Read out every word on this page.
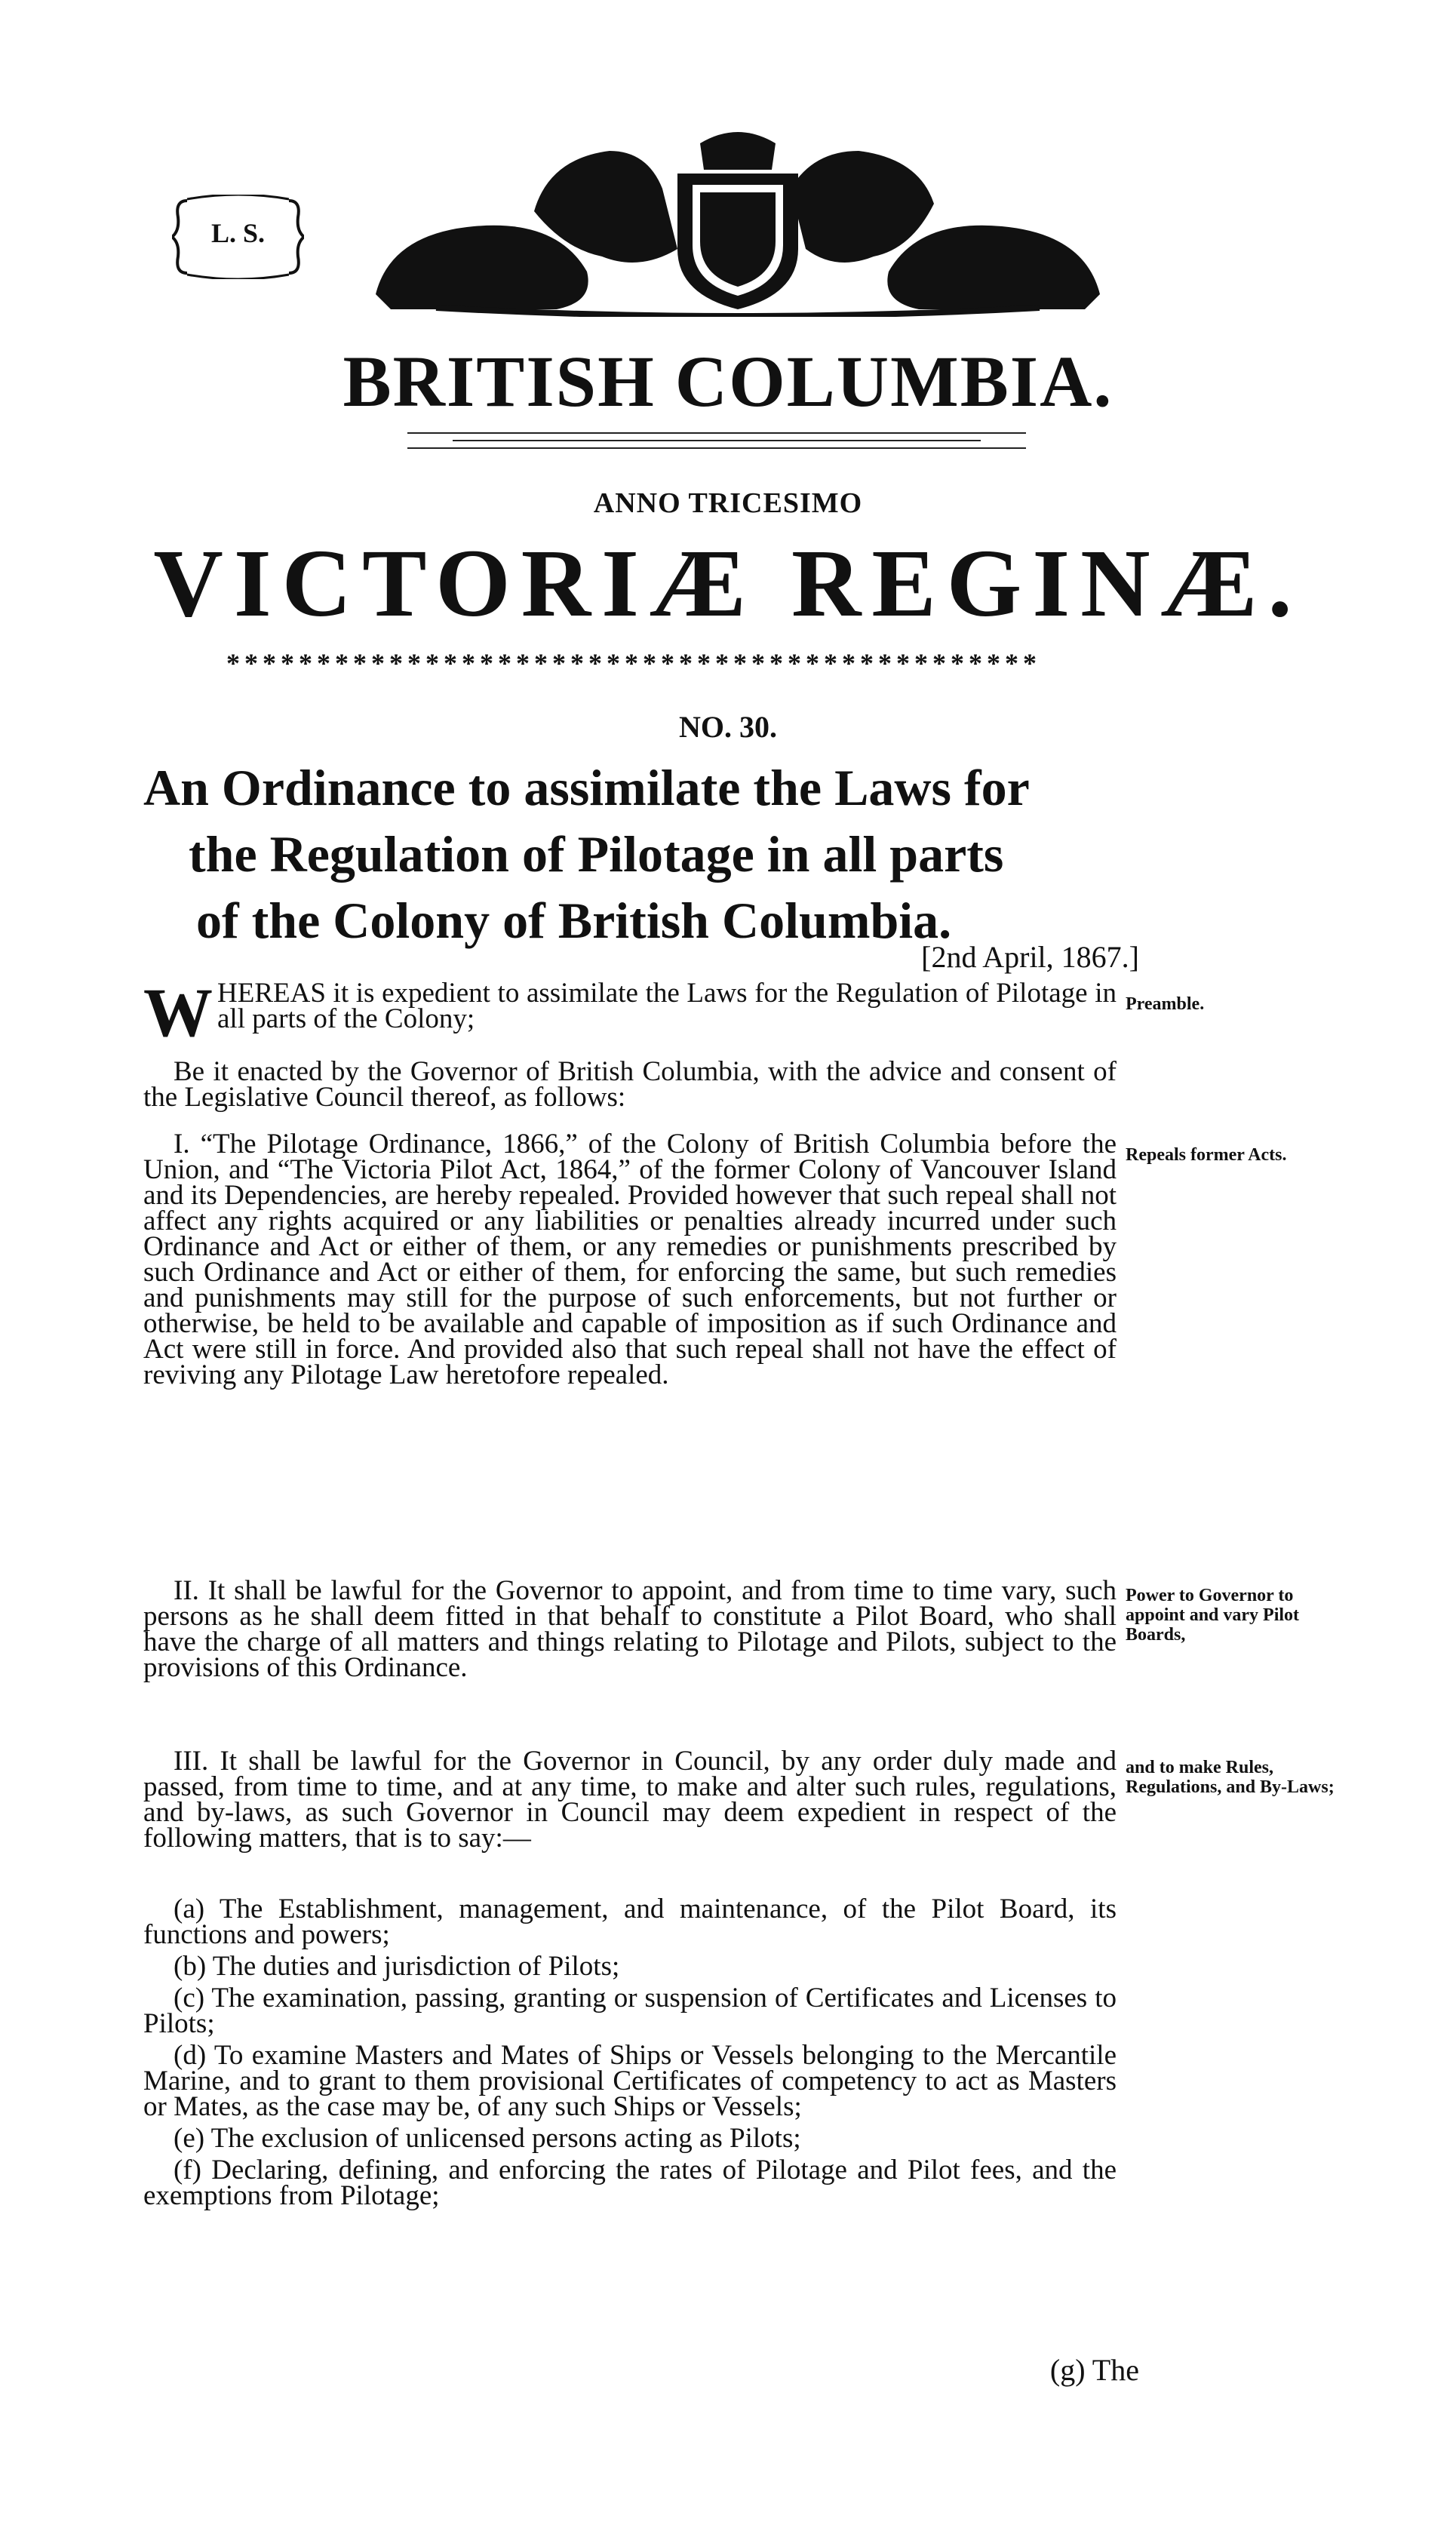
L. S.
BRITISH COLUMBIA.
ANNO TRICESIMO
VICTORIÆ REGINÆ.
*********************************************
NO. 30.
An Ordinance to assimilate the Laws for
the Regulation of Pilotage in all parts
of the Colony of British Columbia.
[2nd April, 1867.]

WHEREAS it is expedient to assimilate the Laws for the Regulation of Pilotage in all parts of the Colony;

Be it enacted by the Governor of British Columbia, with the advice and consent of the Legislative Council thereof, as follows:

I. “The Pilotage Ordinance, 1866,” of the Colony of British Columbia before the Union, and “The Victoria Pilot Act, 1864,” of the former Colony of Vancouver Island and its Dependencies, are hereby repealed. Provided however that such repeal shall not affect any rights acquired or any liabilities or penalties already incurred under such Ordinance and Act or either of them, or any remedies or punishments prescribed by such Ordinance and Act or either of them, for enforcing the same, but such remedies and punishments may still for the purpose of such enforcements, but not further or otherwise, be held to be available and capable of imposition as if such Ordinance and Act were still in force. And provided also that such repeal shall not have the effect of reviving any Pilotage Law heretofore repealed.

II. It shall be lawful for the Governor to appoint, and from time to time vary, such persons as he shall deem fitted in that behalf to constitute a Pilot Board, who shall have the charge of all matters and things relating to Pilotage and Pilots, subject to the provisions of this Ordinance.

III. It shall be lawful for the Governor in Council, by any order duly made and passed, from time to time, and at any time, to make and alter such rules, regulations, and by-laws, as such Governor in Council may deem expedient in respect of the following matters, that is to say:—

(a) The Establishment, management, and maintenance, of the Pilot Board, its functions and powers;

(b) The duties and jurisdiction of Pilots;

(c) The examination, passing, granting or suspension of Certificates and Licenses to Pilots;

(d) To examine Masters and Mates of Ships or Vessels belonging to the Mercantile Marine, and to grant to them provisional Certificates of competency to act as Masters or Mates, as the case may be, of any such Ships or Vessels;

(e) The exclusion of unlicensed persons acting as Pilots;

(f) Declaring, defining, and enforcing the rates of Pilotage and Pilot fees, and the exemptions from Pilotage;

(g) The
Preamble.
Repeals former Acts.
Power to Governor to appoint and vary Pilot Boards,
and to make Rules, Regulations, and By-Laws;
